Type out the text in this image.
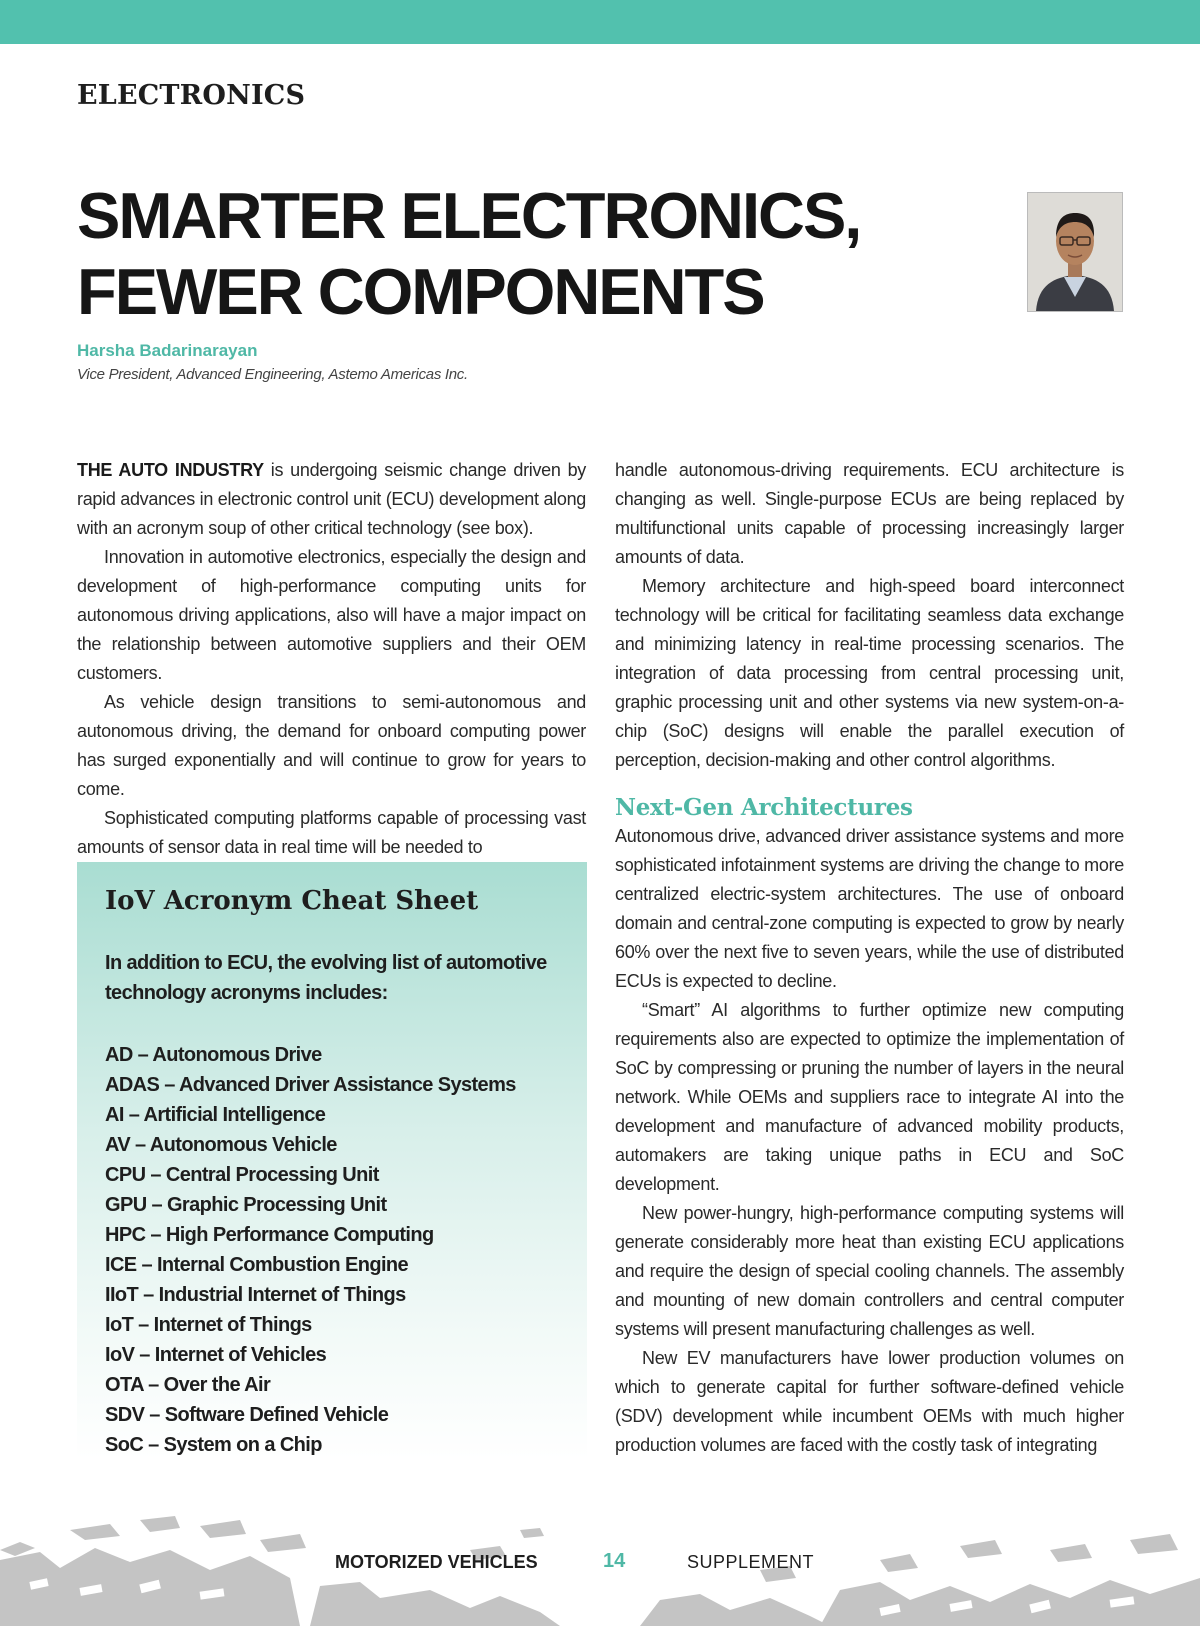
ELECTRONICS
SMARTER ELECTRONICS,
FEWER COMPONENTS

Harsha Badarinarayan

Vice President, Advanced Engineering, Astemo Americas Inc.

THE AUTO INDUSTRY is undergoing seismic change driven by rapid advances in electronic control unit (ECU) development along with an acronym soup of other critical technology (see box).

Innovation in automotive electronics, especially the design and development of high-performance computing units for autonomous driving applications, also will have a major impact on the relationship between automotive suppliers and their OEM customers.

As vehicle design transitions to semi-autonomous and autonomous driving, the demand for onboard computing power has surged exponentially and will continue to grow for years to come.

Sophisticated computing platforms capable of processing vast amounts of sensor data in real time will be needed to

IoV Acronym Cheat Sheet

In addition to ECU, the evolving list of automotive technology acronyms includes:

AD – Autonomous Drive
ADAS – Advanced Driver Assistance Systems
AI – Artificial Intelligence
AV – Autonomous Vehicle
CPU – Central Processing Unit
GPU – Graphic Processing Unit
HPC – High Performance Computing
ICE – Internal Combustion Engine
IIoT – Industrial Internet of Things
IoT – Internet of Things
IoV – Internet of Vehicles
OTA – Over the Air
SDV – Software Defined Vehicle
SoC – System on a Chip

handle autonomous-driving requirements. ECU architecture is changing as well. Single-purpose ECUs are being replaced by multifunctional units capable of processing increasingly larger amounts of data.

Memory architecture and high-speed board interconnect technology will be critical for facilitating seamless data exchange and minimizing latency in real-time processing scenarios. The integration of data processing from central processing unit, graphic processing unit and other systems via new system-on-a-chip (SoC) designs will enable the parallel execution of perception, decision-making and other control algorithms.

Next-Gen Architectures

Autonomous drive, advanced driver assistance systems and more sophisticated infotainment systems are driving the change to more centralized electric-system architectures. The use of onboard domain and central-zone computing is expected to grow by nearly 60% over the next five to seven years, while the use of distributed ECUs is expected to decline.

“Smart” AI algorithms to further optimize new computing requirements also are expected to optimize the implementation of SoC by compressing or pruning the number of layers in the neural network. While OEMs and suppliers race to integrate AI into the development and manufacture of advanced mobility products, automakers are taking unique paths in ECU and SoC development.

New power-hungry, high-performance computing systems will generate considerably more heat than existing ECU applications and require the design of special cooling channels. The assembly and mounting of new domain controllers and central computer systems will present manufacturing challenges as well.

New EV manufacturers have lower production volumes on which to generate capital for further software-defined vehicle (SDV) development while incumbent OEMs with much higher production volumes are faced with the costly task of integrating

MOTORIZED VEHICLES	14	SUPPLEMENT
